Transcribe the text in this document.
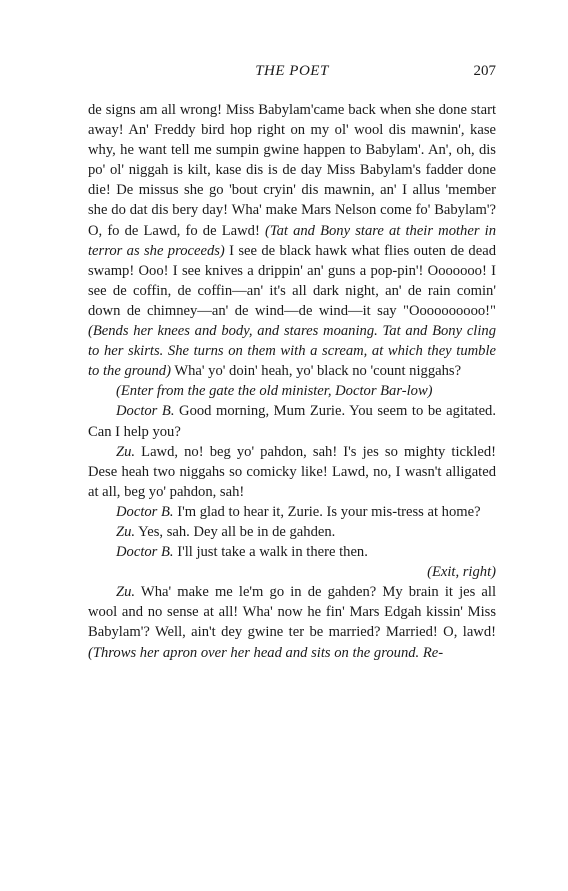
THE POET	207

de signs am all wrong! Miss Babylam'came back when she done start away! An' Freddy bird hop right on my ol' wool dis mawnin', kase why, he want tell me sumpin gwine happen to Babylam'. An', oh, dis po' ol' niggah is kilt, kase dis is de day Miss Babylam's fadder done die! De missus she go 'bout cryin' dis mawnin, an' I allus 'member she do dat dis bery day! Wha' make Mars Nelson come fo' Babylam'? O, fo de Lawd, fo de Lawd! (Tat and Bony stare at their mother in terror as she proceeds) I see de black hawk what flies outen de dead swamp! Ooo! I see knives a drippin' an' guns a pop-pin'! Ooooooo! I see de coffin, de coffin—an' it's all dark night, an' de rain comin' down de chimney—an' de wind—de wind—it say "Oooooooooo!" (Bends her knees and body, and stares moaning. Tat and Bony cling to her skirts. She turns on them with a scream, at which they tumble to the ground) Wha' yo' doin' heah, yo' black no 'count niggahs?

(Enter from the gate the old minister, Doctor Bar-low)

Doctor B. Good morning, Mum Zurie. You seem to be agitated. Can I help you?

Zu. Lawd, no! beg yo' pahdon, sah! I's jes so mighty tickled! Dese heah two niggahs so comicky like! Lawd, no, I wasn't alligated at all, beg yo' pahdon, sah!

Doctor B. I'm glad to hear it, Zurie. Is your mis-tress at home?

Zu. Yes, sah. Dey all be in de gahden.

Doctor B. I'll just take a walk in there then.

(Exit, right)

Zu. Wha' make me le'm go in de gahden? My brain it jes all wool and no sense at all! Wha' now he fin' Mars Edgah kissin' Miss Babylam'? Well, ain't dey gwine ter be married? Married! O, lawd! (Throws her apron over her head and sits on the ground. Re-
